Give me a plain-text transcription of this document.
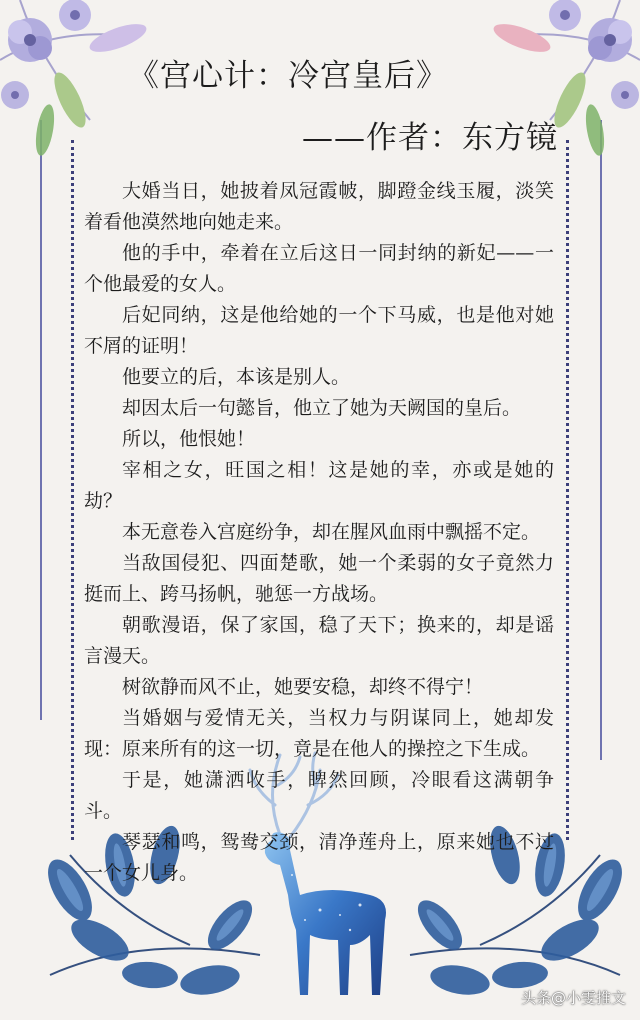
《宫心计：冷宫皇后》
——作者：东方镜

大婚当日，她披着凤冠霞帔，脚蹬金线玉履，淡笑着看他漠然地向她走来。

他的手中，牵着在立后这日一同封纳的新妃——一个他最爱的女人。

后妃同纳，这是他给她的一个下马威，也是他对她不屑的证明！

他要立的后，本该是别人。

却因太后一句懿旨，他立了她为天阙国的皇后。

所以，他恨她！

宰相之女，旺国之相！这是她的幸，亦或是她的劫？

本无意卷入宫庭纷争，却在腥风血雨中飘摇不定。

当敌国侵犯、四面楚歌，她一个柔弱的女子竟然力挺而上、跨马扬帆，驰惩一方战场。

朝歌漫语，保了家国，稳了天下；换来的，却是谣言漫天。

树欲静而风不止，她要安稳，却终不得宁！

当婚姻与爱情无关，当权力与阴谋同上，她却发现：原来所有的这一切，竟是在他人的操控之下生成。

于是，她潇洒收手，睥然回顾，冷眼看这满朝争斗。

琴瑟和鸣，鸳鸯交颈，清净莲舟上，原来她也不过一个女儿身。

头条@小雯推文
